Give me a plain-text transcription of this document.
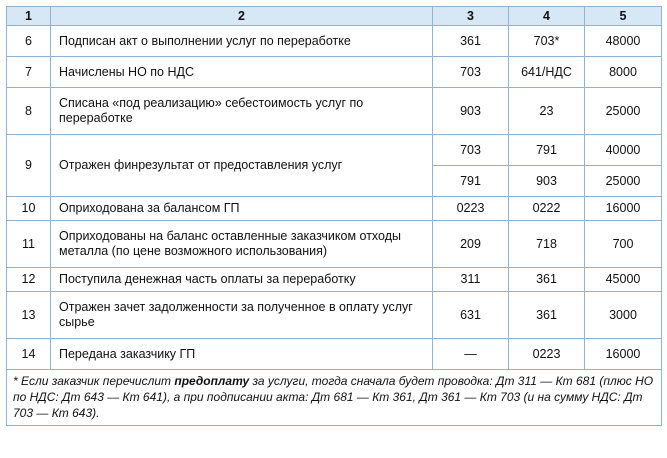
1	2	3	4	5
6	Подписан акт о выполнении услуг по переработке	361	703*	48000
7	Начислены НО по НДС	703	641/НДС	8000
8	Списана «под реализацию» себестоимость услуг по переработке	903	23	25000
9	Отражен финрезультат от предоставления услуг	703	791	40000
		791	903	25000
10	Оприходована за балансом ГП	0223	0222	16000
11	Оприходованы на баланс оставленные заказчиком отходы металла (по цене возможного использования)	209	718	700
12	Поступила денежная часть оплаты за переработку	311	361	45000
13	Отражен зачет задолженности за полученное в оплату услуг сырье	631	361	3000
14	Передана заказчику ГП	—	0223	16000
* Если заказчик перечислит предоплату за услуги, тогда сначала будет проводка: Дт 311 — Кт 681 (плюс НО по НДС: Дт 643 — Кт 641), а при подписании акта: Дт 681 — Кт 361, Дт 361 — Кт 703 (и на сумму НДС: Дт 703 — Кт 643).				
